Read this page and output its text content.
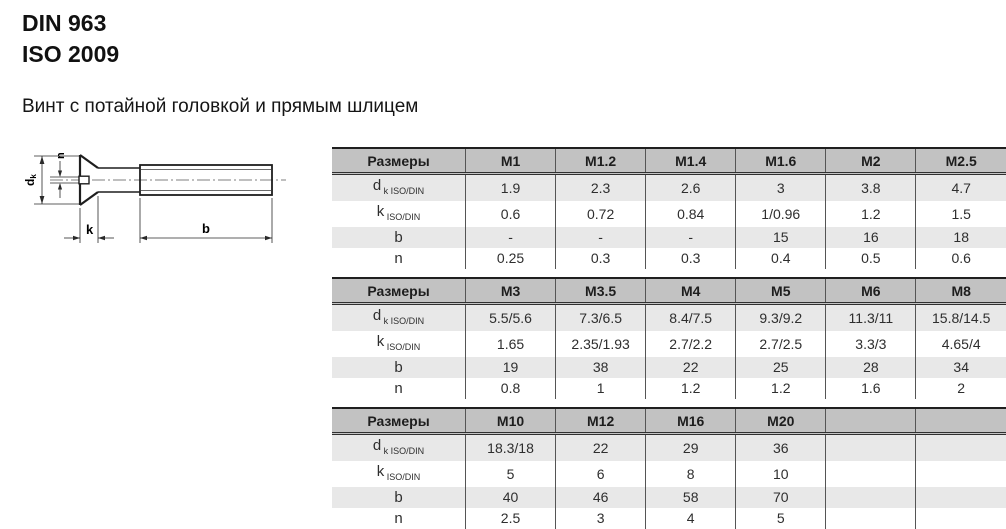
DIN 963
ISO 2009
Винт с потайной головкой и прямым шлицем
dk
n
k	b
Размеры	M1	M1.2	M1.4	M1.6	M2	M2.5
d $_{k ISO/DIN}$	1.9	2.3	2.6	3	3.8	4.7
k $_{ISO/DIN}$	0.6	0.72	0.84	1/0.96	1.2	1.5
b	-	-	-	15	16	18
n	0.25	0.3	0.3	0.4	0.5	0.6
Размеры	M3	M3.5	M4	M5	M6	M8
d $_{k ISO/DIN}$	5.5/5.6	7.3/6.5	8.4/7.5	9.3/9.2	11.3/11	15.8/14.5
k $_{ISO/DIN}$	1.65	2.35/1.93	2.7/2.2	2.7/2.5	3.3/3	4.65/4
b	19	38	22	25	28	34
n	0.8	1	1.2	1.2	1.6	2
Размеры	M10	M12	M16	M20		
d $_{k ISO/DIN}$	18.3/18	22	29	36		
k $_{ISO/DIN}$	5	6	8	10		
b	40	46	58	70		
n	2.5	3	4	5		
